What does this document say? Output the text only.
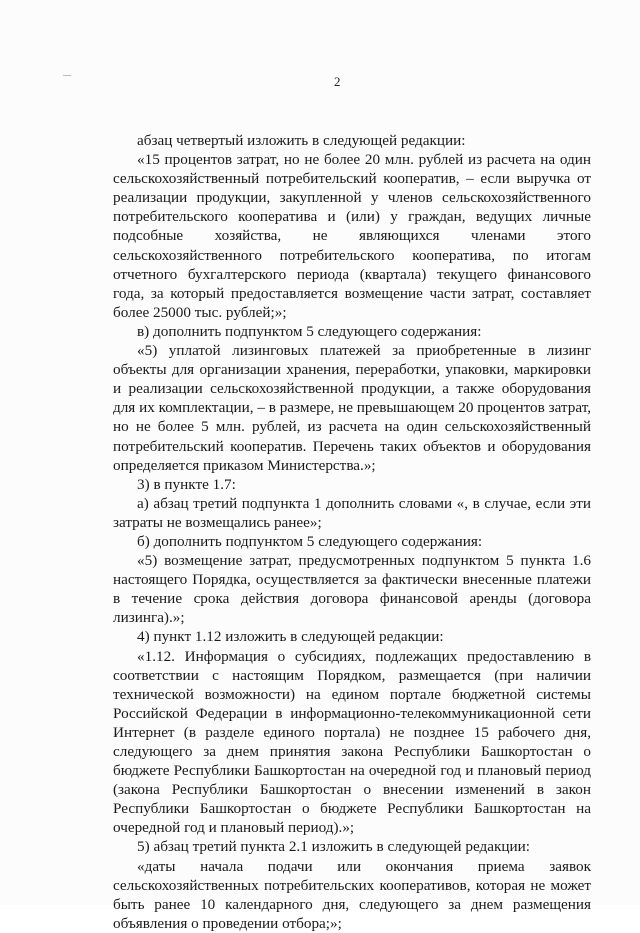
2

абзац четвертый изложить в следующей редакции:

«15 процентов затрат, но не более 20 млн. рублей из расчета на один сельскохозяйственный потребительский кооператив, – если выручка от реализации продукции, закупленной у членов сельскохозяйственного потребительского кооператива и (или) у граждан, ведущих личные подсобные хозяйства, не являющихся членами этого сельскохозяйственного потребительского кооператива, по итогам отчетного бухгалтерского периода (квартала) текущего финансового года, за который предоставляется возмещение части затрат, составляет более 25000 тыс. рублей;»;

в) дополнить подпунктом 5 следующего содержания:

«5) уплатой лизинговых платежей за приобретенные в лизинг объекты для организации хранения, переработки, упаковки, маркировки и реализации сельскохозяйственной продукции, а также оборудования для их комплектации, – в размере, не превышающем 20 процентов затрат, но не более 5 млн. рублей, из расчета на один сельскохозяйственный потребительский кооператив. Перечень таких объектов и оборудования определяется приказом Министерства.»;

3) в пункте 1.7:

а) абзац третий подпункта 1 дополнить словами «, в случае, если эти затраты не возмещались ранее»;

б) дополнить подпунктом 5 следующего содержания:

«5) возмещение затрат, предусмотренных подпунктом 5 пункта 1.6 настоящего Порядка, осуществляется за фактически внесенные платежи в течение срока действия договора финансовой аренды (договора лизинга).»;

4) пункт 1.12 изложить в следующей редакции:

«1.12. Информация о субсидиях, подлежащих предоставлению в соответствии с настоящим Порядком, размещается (при наличии технической возможности) на едином портале бюджетной системы Российской Федерации в информационно-телекоммуникационной сети Интернет (в разделе единого портала) не позднее 15 рабочего дня, следующего за днем принятия закона Республики Башкортостан о бюджете Республики Башкортостан на очередной год и плановый период (закона Республики Башкортостан о внесении изменений в закон Республики Башкортостан о бюджете Республики Башкортостан на очередной год и плановый период).»;

5) абзац третий пункта 2.1 изложить в следующей редакции:

«даты начала подачи или окончания приема заявок сельскохозяйственных потребительских кооперативов, которая не может быть ранее 10 календарного дня, следующего за днем размещения объявления о проведении отбора;»;
